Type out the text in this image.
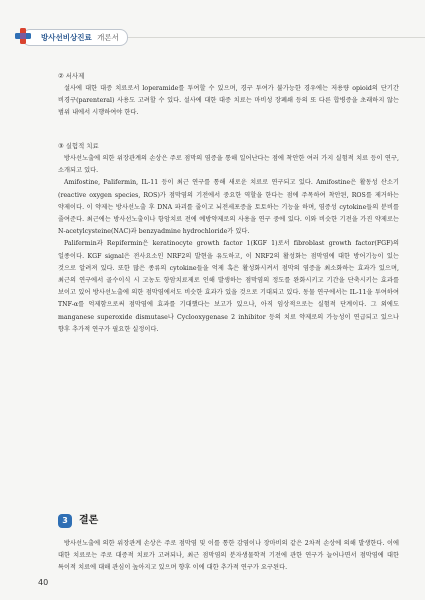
방사선비상진료 개론서
② 서사제
설사에 대한 대증 치료로서 loperamide를 투여할 수 있으며, 경구 투여가 불가능한 경우에는 저용량 opioid의 단기간 비경구(parenteral) 사용도 고려할 수 있다. 설사에 대한 대증 치료는 마비성 장폐쇄 등의 또 다른 합병증을 초래하지 않는 범위 내에서 시행하여야 한다.
③ 실험적 치료
방사선노출에 의한 위장관계의 손상은 주로 점막의 염증을 통해 일어난다는 점에 착안한 여러 가지 실험적 치료 등이 연구, 소개되고 있다.
Amifostine, Palifermin, IL-11 등이 최근 연구를 통해 새로운 치료로 연구되고 있다. Amifostine은 활동성 산소기(reactive oxygen species, ROS)가 점막염의 기전에서 중요한 역할을 한다는 점에 주목하여 착안된, ROS를 제거하는 약제이다. 이 약제는 방사선노출 후 DNA 파괴를 줄이고 뇌전세포증을 토토하는 기능을 하며, 염증성 cytokine들의 분비를 줄여준다. 최근에는 방사선노출이나 항암치료 전에 예방약제로의 사용을 연구 중에 있다. 이와 비슷한 기전을 가진 약제로는 N-acetylcysteine(NAC)과 benzyadmine hydrochloride가 있다.
Palifermin과 Repifermin은 keratinocyte growth factor 1(KGF 1)로서 fibroblast growth factor(FGF)의 일종이다. KGF signal은 전사요소인 NRF2의 발현을 유도하고, 이 NRF2의 활성화는 점막염에 대한 방어기능이 있는 것으로 알려져 있다. 또한 많은 종류의 cytokine들을 억제 혹은 활성화시켜서 점막의 염증을 최소화하는 효과가 있으며, 최근의 연구에서 골수이식 시 고농도 항암치료제로 인해 발생하는 점막염의 정도를 완화시키고 기간을 단축시키는 효과를 보이고 있어 방사선노출에 의한 점막염에서도 비슷한 효과가 있을 것으로 기대되고 있다. 동물 연구에서는 IL-11을 투여하여 TNF-α를 억제함으로써 점막염에 효과를 기대했다는 보고가 있으나, 아직 임상적으로는 실험적 단계이다. 그 외에도 manganese superoxide dismutase나 Cyclooxygenase 2 inhibitor 등의 치료 약제로의 가능성이 연급되고 있으나 향후 추가적 연구가 필요한 실정이다.
3	결론
방사선노출에 의한 위장관계 손상은 주로 점막염 및 이를 통한 감염이나 장마비의 같은 2차적 손상에 의해 발생한다. 이에 대한 치료로는 주로 대증적 치료가 고려되나, 최근 점막염의 분자생물학적 기전에 관한 연구가 늘어나면서 점막염에 대한 특이적 치료에 대해 관심이 높아지고 있으며 향후 이에 대한 추가적 연구가 요구된다.
40
